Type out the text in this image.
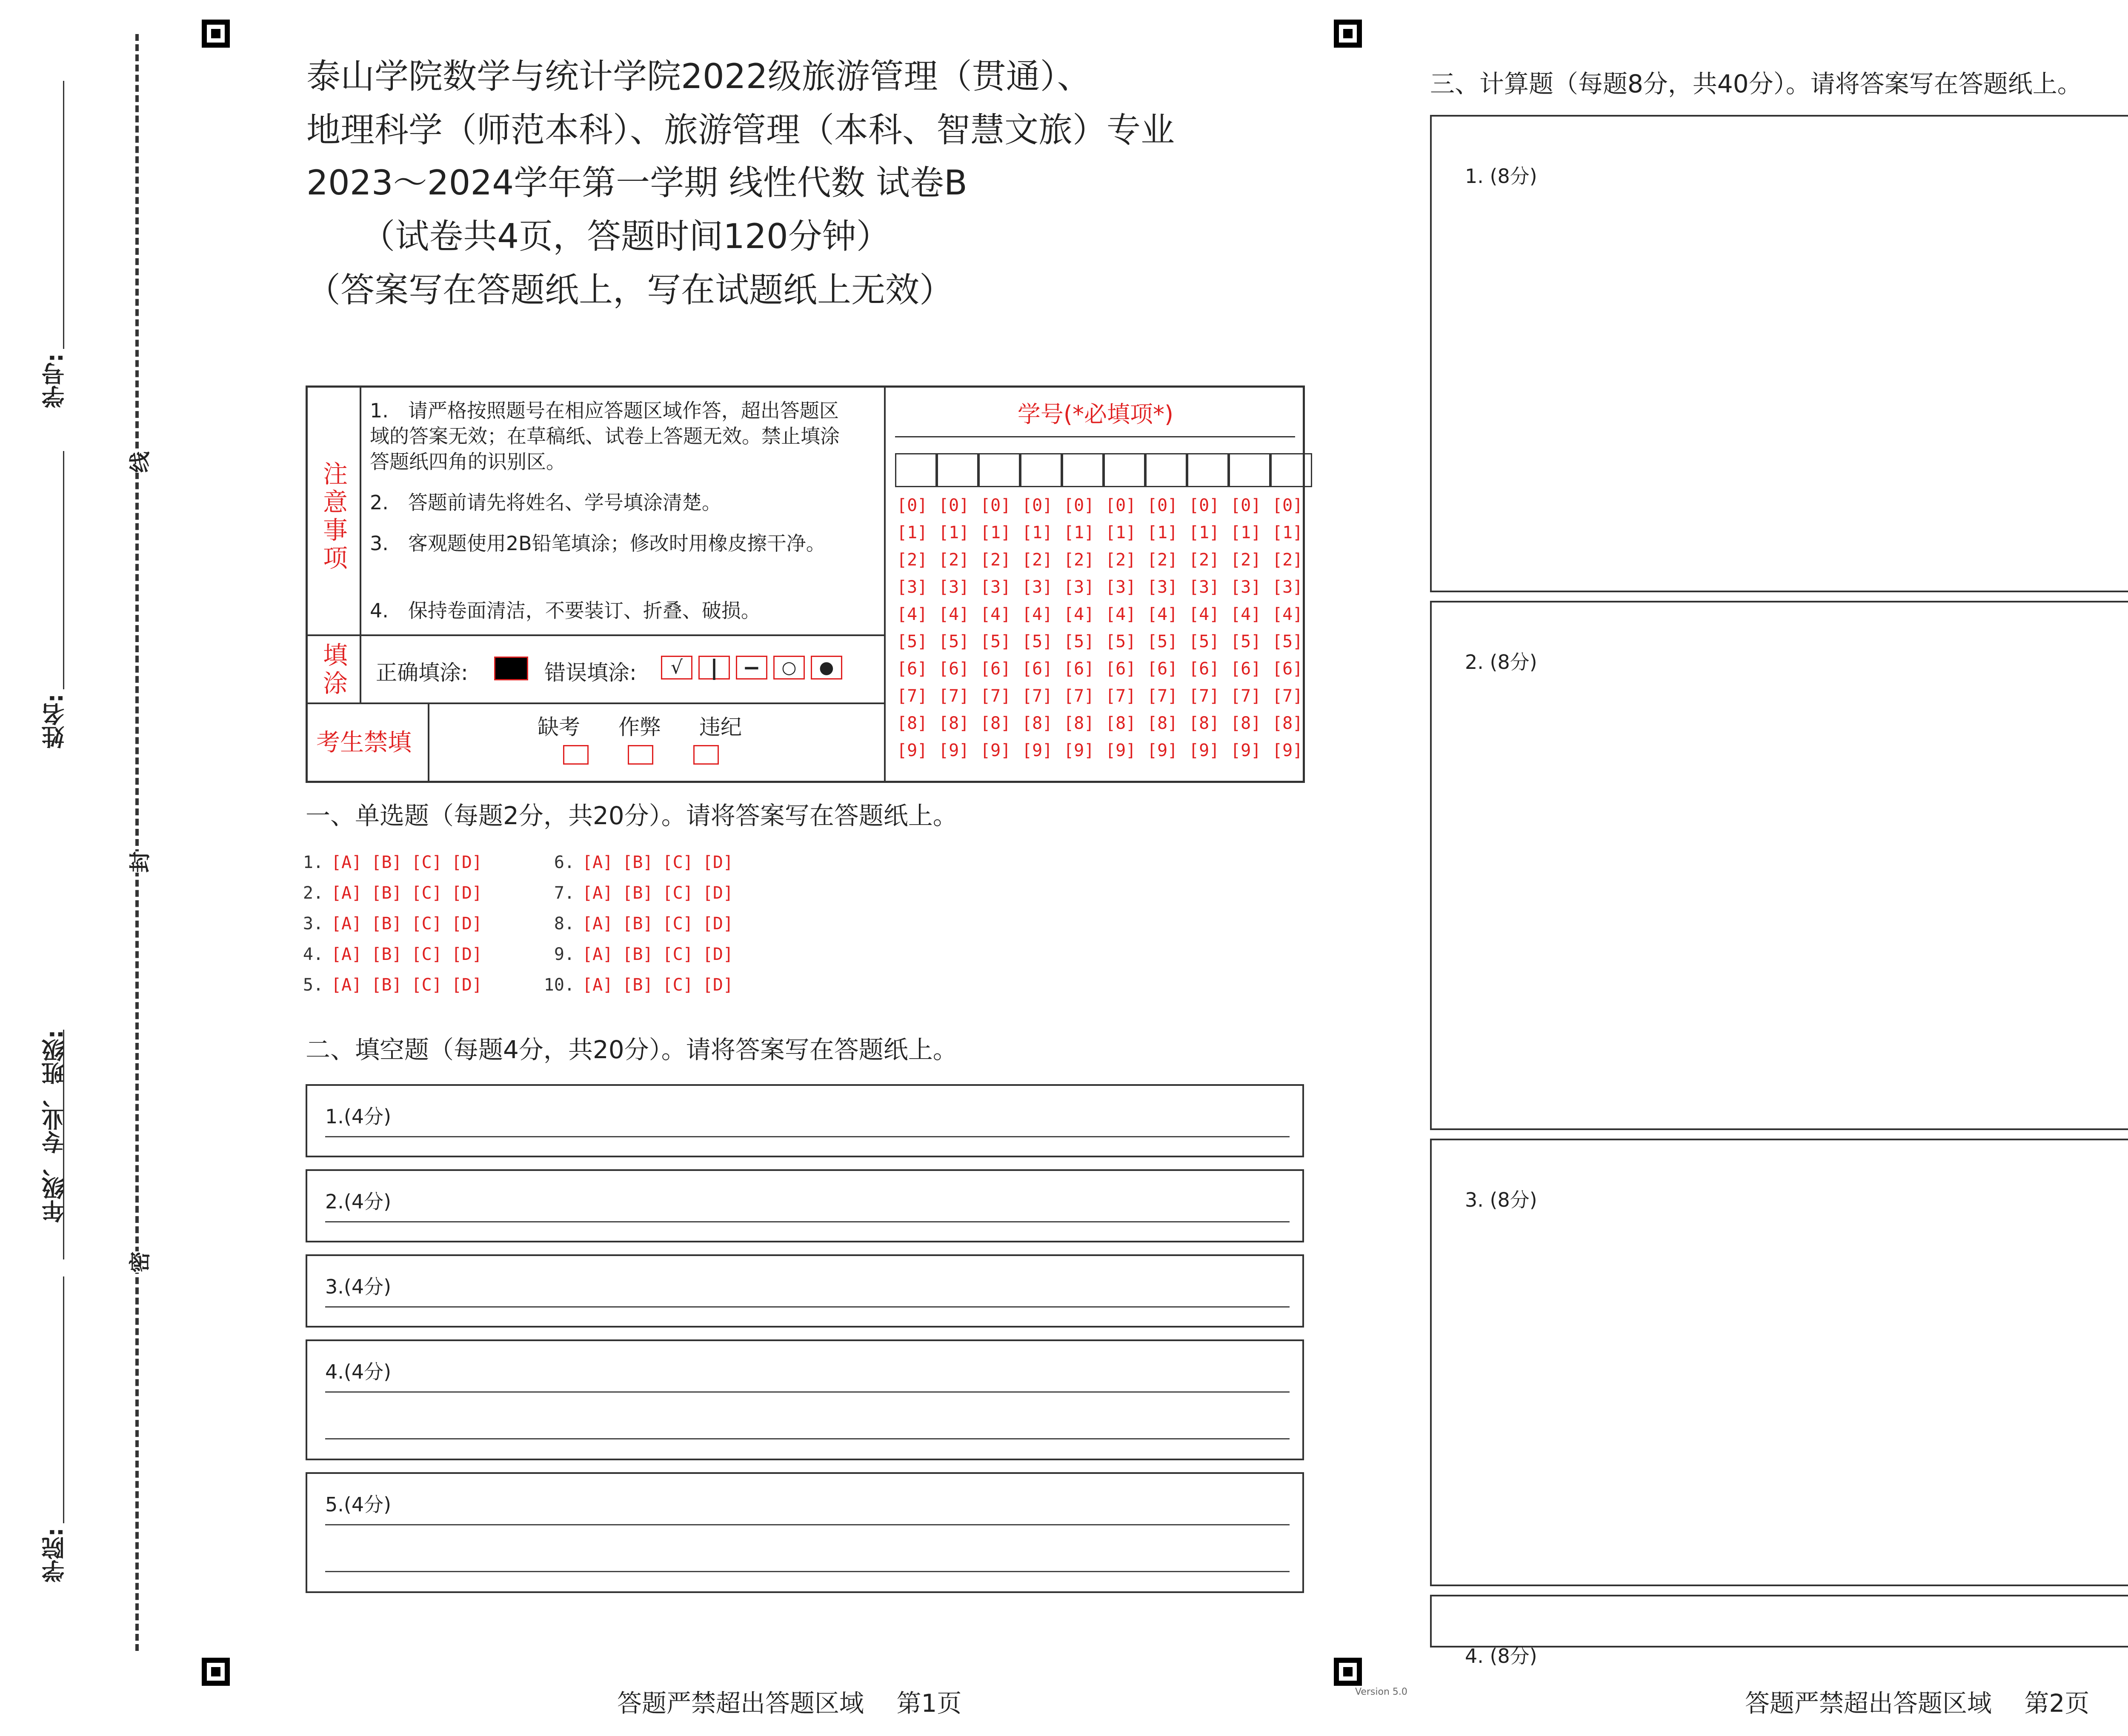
学院:
年级、专业、班级:
姓名:
学号:
密
封
线
泰山学院数学与统计学院2022级旅游管理（贯通）、
地理科学（师范本科）、旅游管理（本科、智慧文旅）专业
2023～2024学年第一学期 线性代数 试卷B
（试卷共4页，答题时间120分钟）
（答案写在答题纸上，写在试题纸上无效）
注意事项
1.　请严格按照题号在相应答题区域作答，超出答题区域的答案无效；在草稿纸、试卷上答题无效。禁止填涂答题纸四角的识别区。
2.　答题前请先将姓名、学号填涂清楚。
3.　客观题使用2B铅笔填涂；修改时用橡皮擦干净。
4.　保持卷面清洁，不要装订、折叠、破损。
填涂 正确填涂:	错误填涂:	√	|	−	○	●
考生禁填
缺考 作弊 违纪
学号(*必填项*)
[0] [0] [0] [0] [0] [0] [0] [0] [0] [0]
[1] [1] [1] [1] [1] [1] [1] [1] [1] [1]
[2] [2] [2] [2] [2] [2] [2] [2] [2] [2]
[3] [3] [3] [3] [3] [3] [3] [3] [3] [3]
[4] [4] [4] [4] [4] [4] [4] [4] [4] [4]
[5] [5] [5] [5] [5] [5] [5] [5] [5] [5]
[6] [6] [6] [6] [6] [6] [6] [6] [6] [6]
[7] [7] [7] [7] [7] [7] [7] [7] [7] [7]
[8] [8] [8] [8] [8] [8] [8] [8] [8] [8]
[9] [9] [9] [9] [9] [9] [9] [9] [9] [9]
一、单选题（每题2分，共20分）。请将答案写在答题纸上。
1. [A] [B] [C] [D]
2. [A] [B] [C] [D]
3. [A] [B] [C] [D]
4. [A] [B] [C] [D]
5. [A] [B] [C] [D]
6. [A] [B] [C] [D]
7. [A] [B] [C] [D]
8. [A] [B] [C] [D]
9. [A] [B] [C] [D]
10. [A] [B] [C] [D]
二、填空题（每题4分，共20分）。请将答案写在答题纸上。
1.(4分)
2.(4分)
3.(4分)
4.(4分)
5.(4分)
三、计算题（每题8分，共40分）。请将答案写在答题纸上。
1. (8分)
2. (8分)
3. (8分)
4. (8分)
答题严禁超出答题区域　 第1页	答题严禁超出答题区域　 第2页
Version 5.0
